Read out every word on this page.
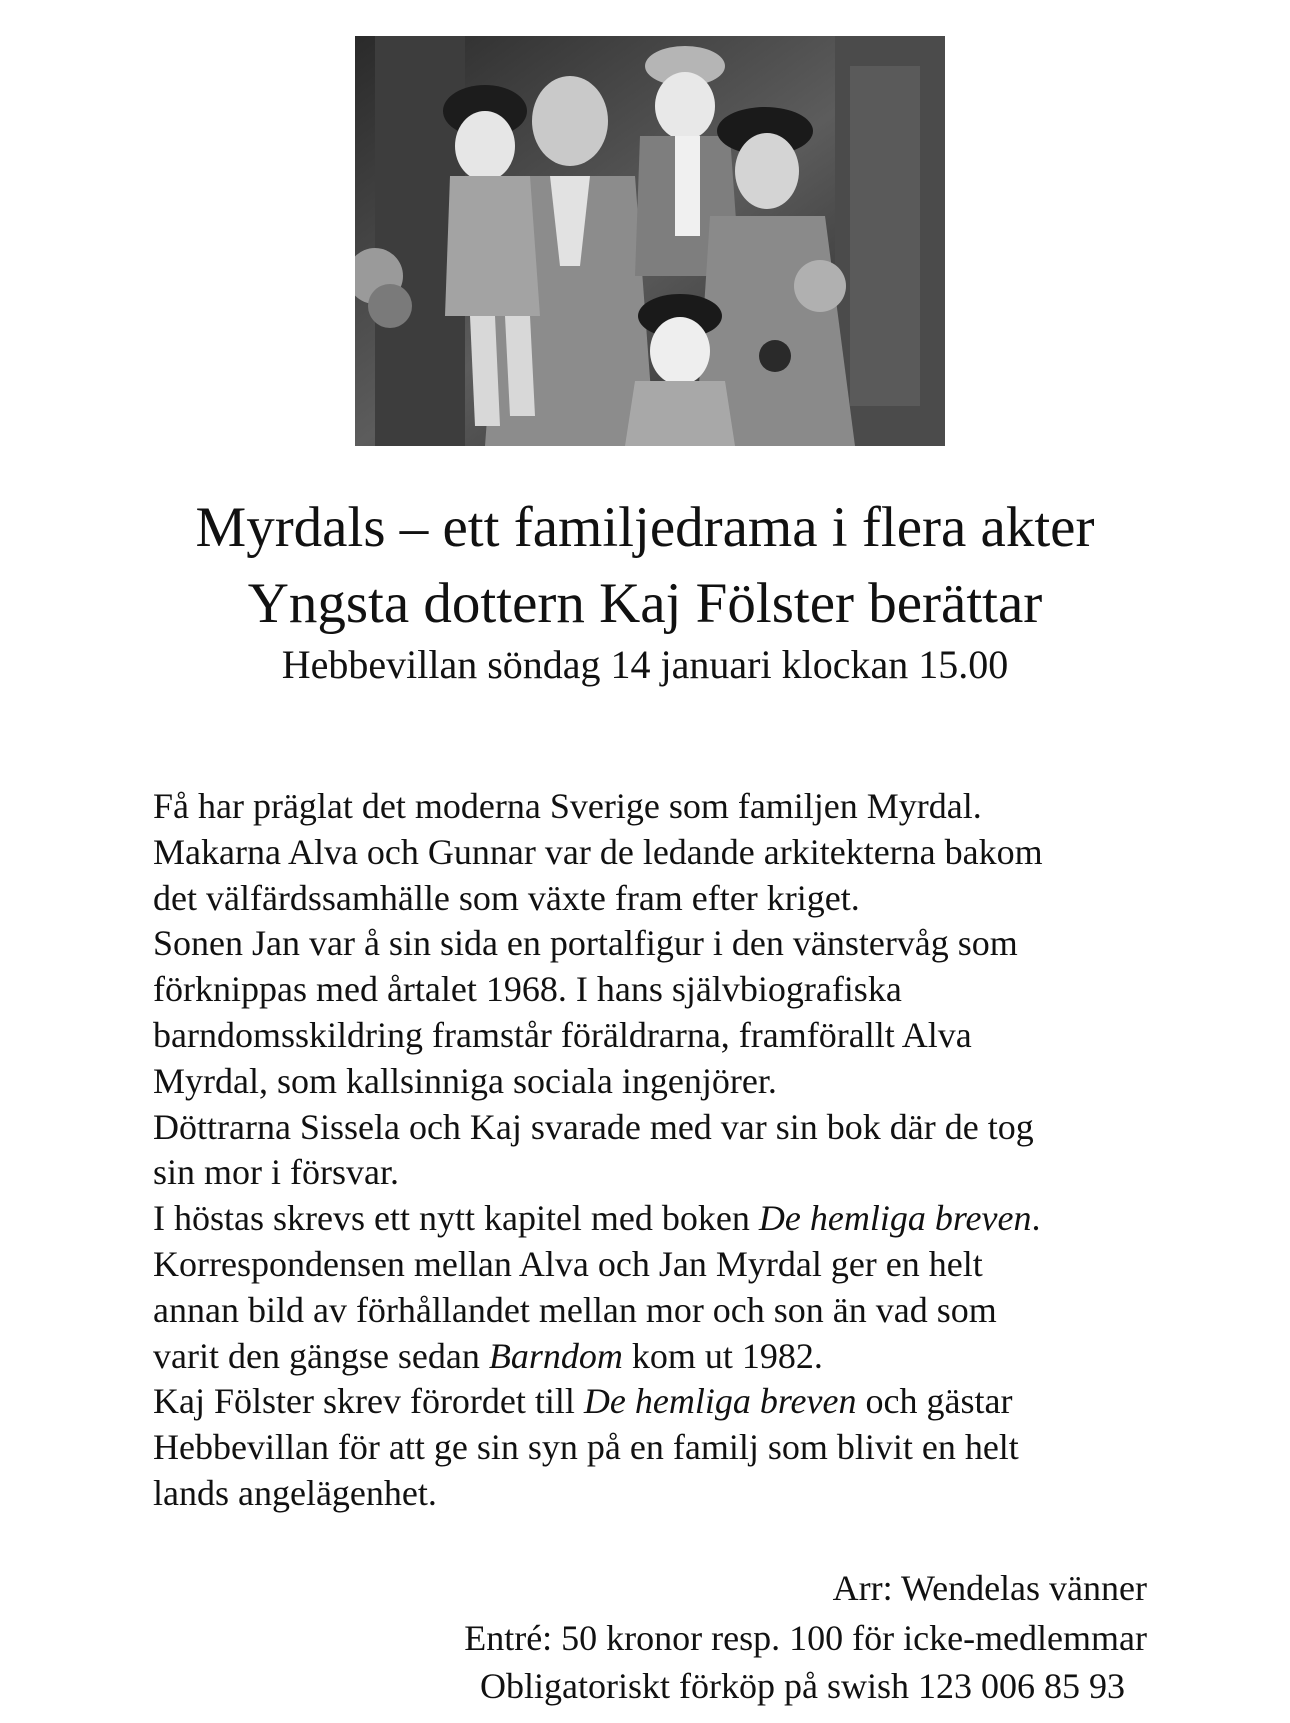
Myrdals – ett familjedrama i flera akter
Yngsta dottern Kaj Fölster berättar
Hebbevillan söndag 14 januari klockan 15.00

Få har präglat det moderna Sverige som familjen Myrdal.

Makarna Alva och Gunnar var de ledande arkitekterna bakom

det välfärdssamhälle som växte fram efter kriget.

Sonen Jan var å sin sida en portalfigur i den vänstervåg som

förknippas med årtalet 1968. I hans självbiografiska

barndomsskildring framstår föräldrarna, framförallt Alva

Myrdal, som kallsinniga sociala ingenjörer.

Döttrarna Sissela och Kaj svarade med var sin bok där de tog

sin mor i försvar.

I höstas skrevs ett nytt kapitel med boken De hemliga breven.

Korrespondensen mellan Alva och Jan Myrdal ger en helt

annan bild av förhållandet mellan mor och son än vad som

varit den gängse sedan Barndom kom ut 1982.

Kaj Fölster skrev förordet till De hemliga breven och gästar

Hebbevillan för att ge sin syn på en familj som blivit en helt

lands angelägenhet.

Arr: Wendelas vänner
Entré: 50 kronor resp. 100 för icke-medlemmar
Obligatoriskt förköp på swish 123 006 85 93
